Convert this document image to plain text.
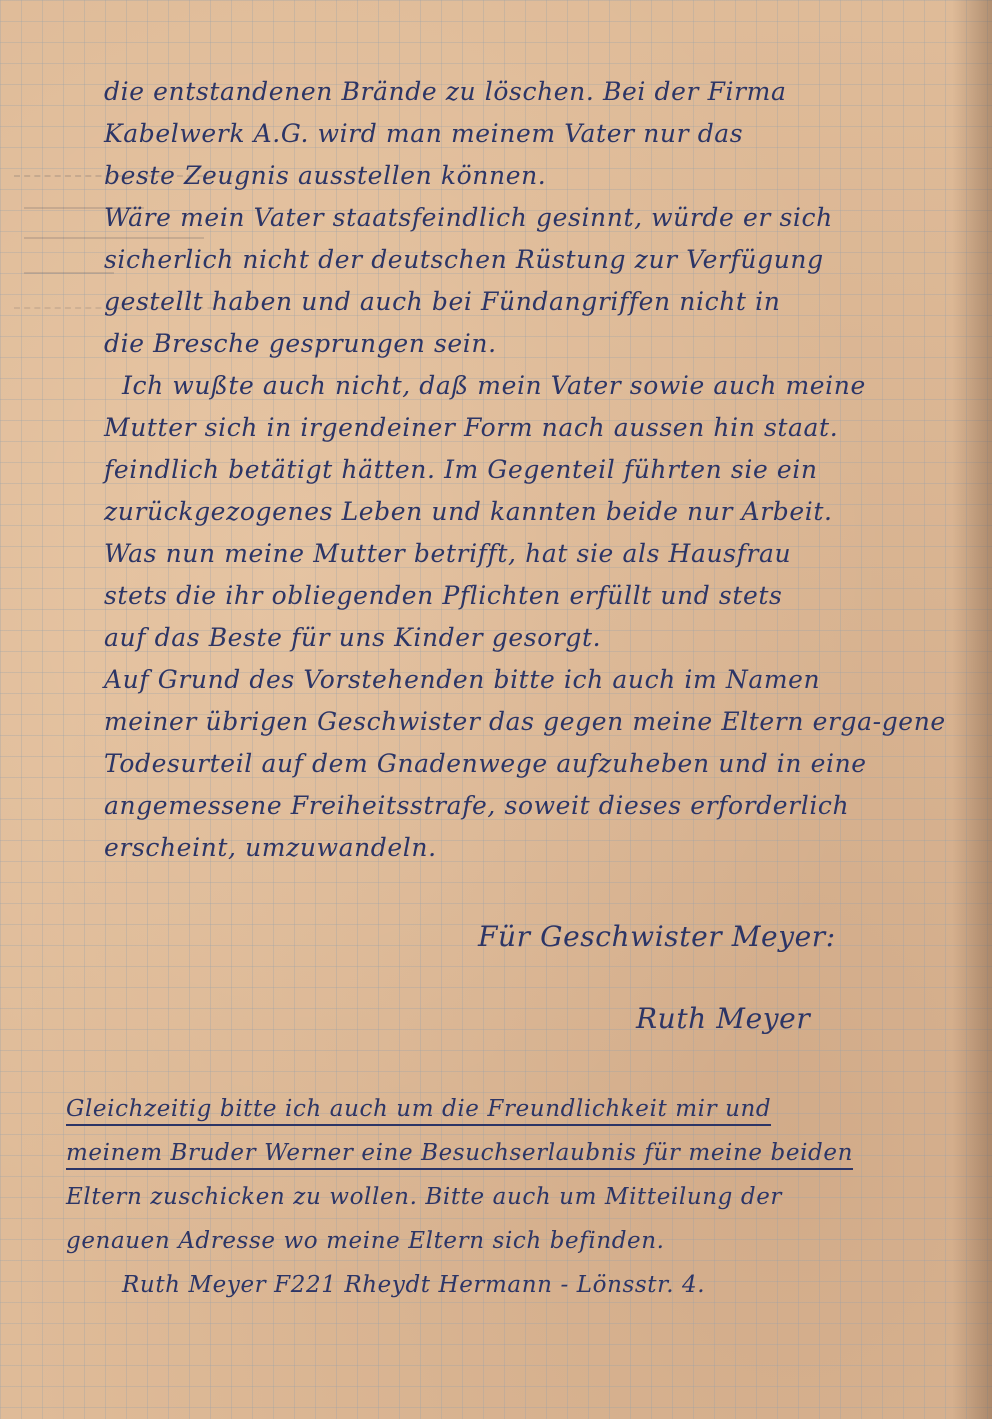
die entstandenen Brände zu löschen. Bei der Firma
Kabelwerk A.G. wird man meinem Vater nur das
beste Zeugnis ausstellen können.
Wäre mein Vater staatsfeindlich gesinnt, würde er sich
sicherlich nicht der deutschen Rüstung zur Verfügung
gestellt haben und auch bei Fündangriffen nicht in
die Bresche gesprungen sein.
Ich wußte auch nicht, daß mein Vater sowie auch meine
Mutter sich in irgendeiner Form nach aussen hin staat.
feindlich betätigt hätten. Im Gegenteil führten sie ein
zurückgezogenes Leben und kannten beide nur Arbeit.
Was nun meine Mutter betrifft, hat sie als Hausfrau
stets die ihr obliegenden Pflichten erfüllt und stets
auf das Beste für uns Kinder gesorgt.
Auf Grund des Vorstehenden bitte ich auch im Namen
meiner übrigen Geschwister das gegen meine Eltern erga-gene
Todesurteil auf dem Gnadenwege aufzuheben und in eine
angemessene Freiheitsstrafe, soweit dieses erforderlich
erscheint, umzuwandeln.
Für Geschwister Meyer:
Ruth Meyer
Gleichzeitig bitte ich auch um die Freundlichkeit mir und
meinem Bruder Werner eine Besuchserlaubnis für meine beiden
Eltern zuschicken zu wollen. Bitte auch um Mitteilung der
genauen Adresse wo meine Eltern sich befinden.
Ruth Meyer F221 Rheydt Hermann - Lönsstr. 4.
